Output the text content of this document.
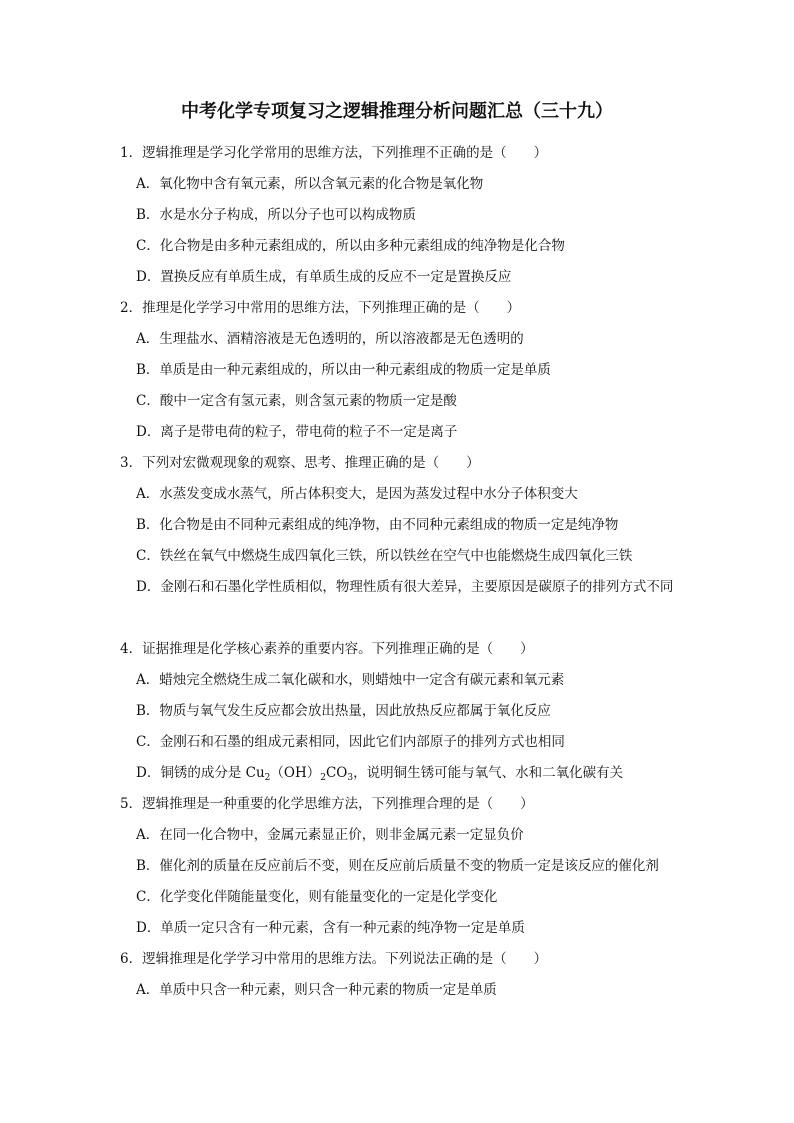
中考化学专项复习之逻辑推理分析问题汇总（三十九）
1．逻辑推理是学习化学常用的思维方法，下列推理不正确的是（　　）
A．氧化物中含有氧元素，所以含氧元素的化合物是氧化物
B．水是水分子构成，所以分子也可以构成物质
C．化合物是由多种元素组成的，所以由多种元素组成的纯净物是化合物
D．置换反应有单质生成，有单质生成的反应不一定是置换反应
2．推理是化学学习中常用的思维方法，下列推理正确的是（　　）
A．生理盐水、酒精溶液是无色透明的，所以溶液都是无色透明的
B．单质是由一种元素组成的，所以由一种元素组成的物质一定是单质
C．酸中一定含有氢元素，则含氢元素的物质一定是酸
D．离子是带电荷的粒子，带电荷的粒子不一定是离子
3．下列对宏微观现象的观察、思考、推理正确的是（　　）
A．水蒸发变成水蒸气，所占体积变大，是因为蒸发过程中水分子体积变大
B．化合物是由不同种元素组成的纯净物，由不同种元素组成的物质一定是纯净物
C．铁丝在氧气中燃烧生成四氧化三铁，所以铁丝在空气中也能燃烧生成四氧化三铁
D．金刚石和石墨化学性质相似，物理性质有很大差异，主要原因是碳原子的排列方式不同
4．证据推理是化学核心素养的重要内容。下列推理正确的是（　　）
A．蜡烛完全燃烧生成二氧化碳和水，则蜡烛中一定含有碳元素和氧元素
B．物质与氧气发生反应都会放出热量，因此放热反应都属于氧化反应
C．金刚石和石墨的组成元素相同，因此它们内部原子的排列方式也相同
D．铜锈的成分是 $Cu_2(OH)_2CO_3$，说明铜生锈可能与氧气、水和二氧化碳有关
5．逻辑推理是一种重要的化学思维方法，下列推理合理的是（　　）
A．在同一化合物中，金属元素显正价，则非金属元素一定显负价
B．催化剂的质量在反应前后不变，则在反应前后质量不变的物质一定是该反应的催化剂
C．化学变化伴随能量变化，则有能量变化的一定是化学变化
D．单质一定只含有一种元素，含有一种元素的纯净物一定是单质
6．逻辑推理是化学学习中常用的思维方法。下列说法正确的是（　　）
A．单质中只含一种元素，则只含一种元素的物质一定是单质
